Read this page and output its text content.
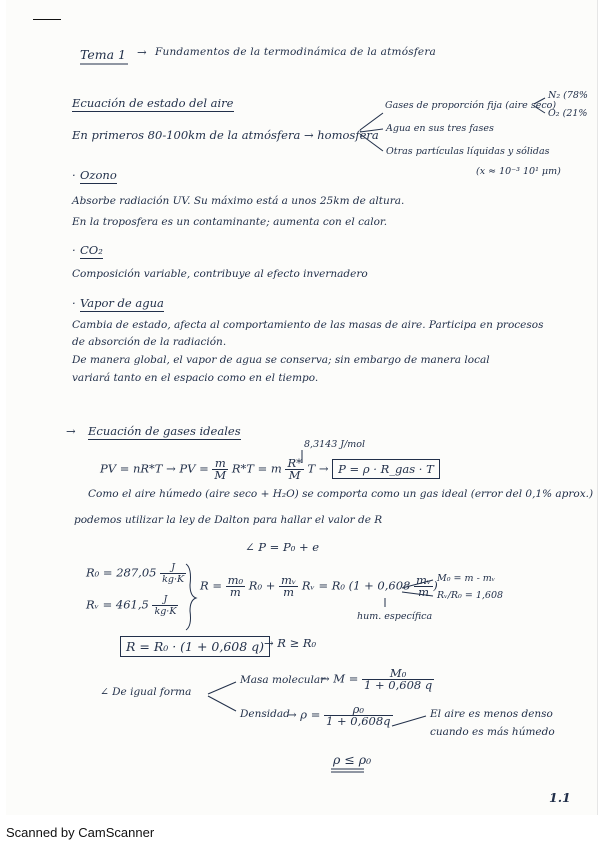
Tema 1 → Fundamentos de la termodinámica de la atmósfera
Ecuación de estado del aire
En primeros 80-100km de la atmósfera → homosfera
Gases de proporción fija (aire seco)
N₂ (78%
O₂ (21%
Agua en sus tres fases
Otras partículas líquidas y sólidas
(x ≈ 10⁻³ 10¹ μm)
· Ozono
Absorbe radiación UV. Su máximo está a unos 25km de altura.
En la troposfera es un contaminante; aumenta con el calor.
· CO₂
Composición variable, contribuye al efecto invernadero
· Vapor de agua
Cambia de estado, afecta al comportamiento de las masas de aire. Participa en procesos
de absorción de la radiación.
De manera global, el vapor de agua se conserva; sin embargo de manera local
variará tanto en el espacio como en el tiempo.
→ Ecuación de gases ideales
8,3143 J/mol
PV = nR*T → PV = $\frac{m}{M} R*T = m \frac{R*}{M}$ T → P = ρ · R_gas · T
Como el aire húmedo (aire seco + H₂O) se comporta como un gas ideal (error del 0,1% aprox.)
podemos utilizar la ley de Dalton para hallar el valor de R
∠ P = P₀ + e
$R_0 = 287,05 \frac{J}{kg\cdot K}$
Rᵥ = $461,5 \frac{J}{kg\cdot K}$
$R = \frac{\text{m₀}}{m} R_0 + \frac{\text{mᵥ}}{m}$ Rᵥ = R₀ ($1 + 0,608 \frac{\text{mᵥ}}{m}$ ) M₀ = m - mᵥ
Rᵥ/R₀ = 1,608
hum. específica
R = R₀ · (1 + 0,608 q) → R ≥ R₀
∠ De igual forma
Masa molecular
→ $M = \frac{\text{M₀}}{1 + 0,608 q}$
Densidad
→ $\rho = \frac{\text{ρ₀}}{1 + 0,608q}$	El aire es menos denso
cuando es más húmedo
ρ ≤ ρ₀
1.1
Scanned by CamScanner
